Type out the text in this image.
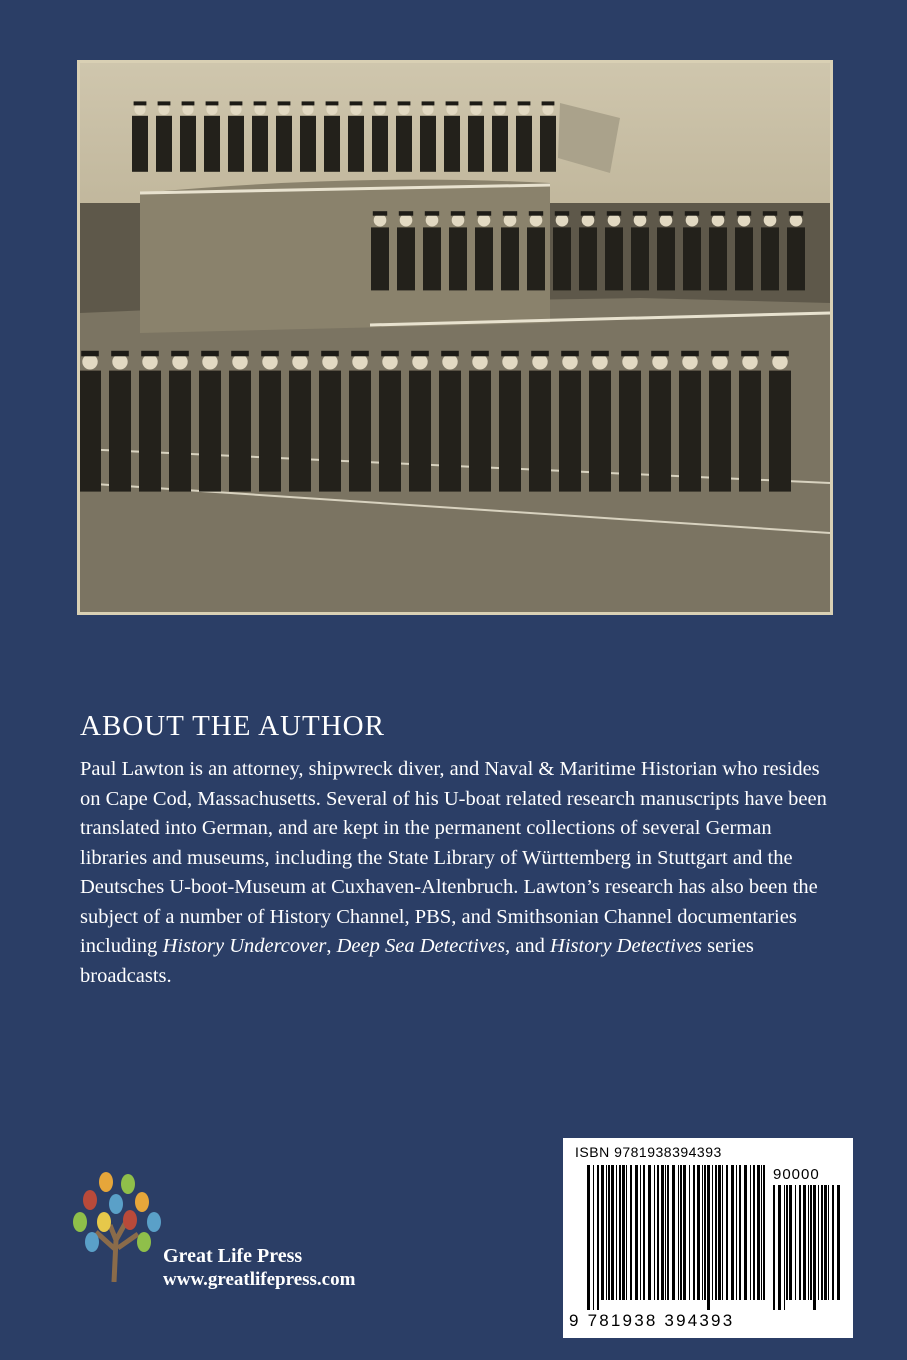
ABOUT THE AUTHOR

Paul Lawton is an attorney, shipwreck diver, and Naval & Maritime Historian who resides on Cape Cod, Massachusetts. Several of his U-boat related research manuscripts have been translated into German, and are kept in the permanent collections of several German libraries and museums, including the State Library of Württemberg in Stuttgart and the Deutsches U-boot-Museum at Cuxhaven-Altenbruch. Lawton’s research has also been the subject of a number of History Channel, PBS, and Smithsonian Channel documentaries including History Undercover, Deep Sea Detectives, and History Detectives series broadcasts.

Great Life Press
www.greatlifepress.com
ISBN 9781938394393
90000
9 781938 394393
